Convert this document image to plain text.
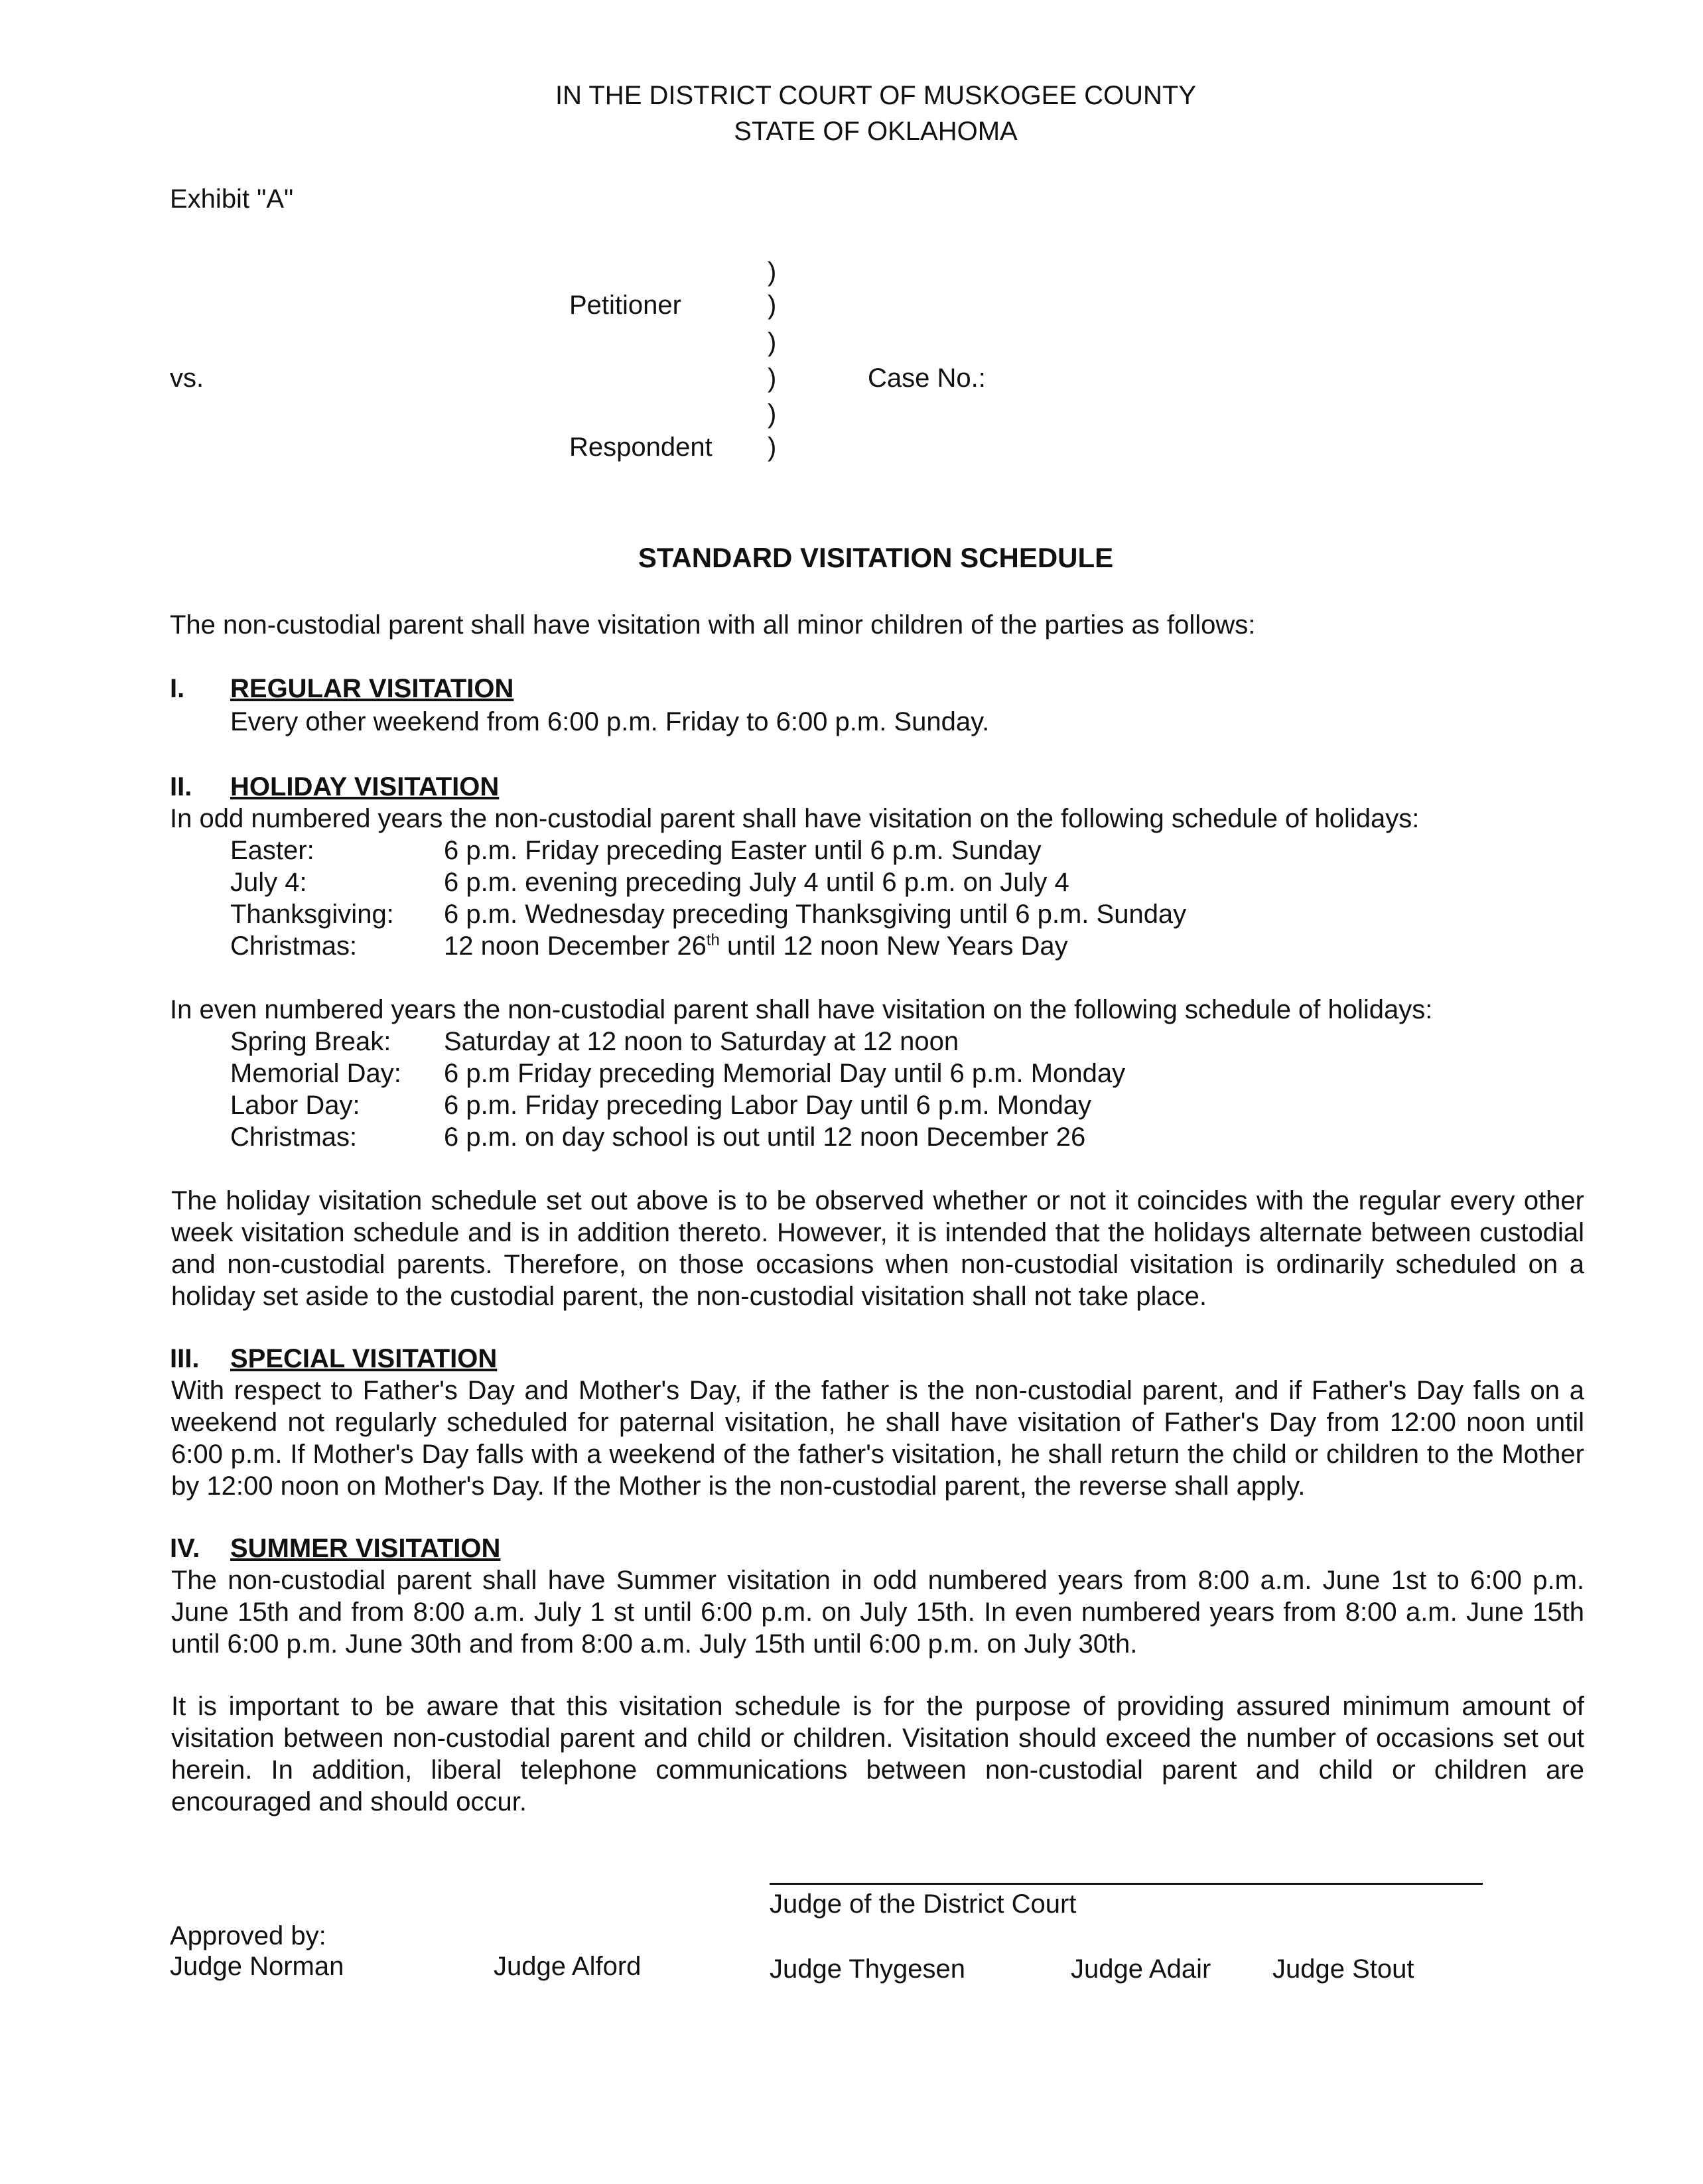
IN THE DISTRICT COURT OF MUSKOGEE COUNTY
STATE OF OKLAHOMA
Exhibit "A"
Petitioner
vs.
Respondent
Case No.:
)
)
)
)
)
)
STANDARD VISITATION SCHEDULE
The non-custodial parent shall have visitation with all minor children of the parties as follows:
I. REGULAR VISITATION
Every other weekend from 6:00 p.m. Friday to 6:00 p.m. Sunday.
II. HOLIDAY VISITATION
In odd numbered years the non-custodial parent shall have visitation on the following schedule of holidays:
Easter:	6 p.m. Friday preceding Easter until 6 p.m. Sunday
July 4:	6 p.m. evening preceding July 4 until 6 p.m. on July 4
Thanksgiving: 6 p.m. Wednesday preceding Thanksgiving until 6 p.m. Sunday
Christmas:	12 noon December 26th until 12 noon New Years Day
In even numbered years the non-custodial parent shall have visitation on the following schedule of holidays:
Spring Break: Saturday at 12 noon to Saturday at 12 noon
Memorial Day: 6 p.m Friday preceding Memorial Day until 6 p.m. Monday
Labor Day:	6 p.m. Friday preceding Labor Day until 6 p.m. Monday
Christmas:	6 p.m. on day school is out until 12 noon December 26
The holiday visitation schedule set out above is to be observed whether or not it coincides with the regular every other week visitation schedule and is in addition thereto. However, it is intended that the holidays alternate between custodial and non-custodial parents. Therefore, on those occasions when non-custodial visitation is ordinarily scheduled on a holiday set aside to the custodial parent, the non-custodial visitation shall not take place.
III. SPECIAL VISITATION
With respect to Father's Day and Mother's Day, if the father is the non-custodial parent, and if Father's Day falls on a weekend not regularly scheduled for paternal visitation, he shall have visitation of Father's Day from 12:00 noon until 6:00 p.m. If Mother's Day falls with a weekend of the father's visitation, he shall return the child or children to the Mother by 12:00 noon on Mother's Day. If the Mother is the non-custodial parent, the reverse shall apply.
IV. SUMMER VISITATION
The non-custodial parent shall have Summer visitation in odd numbered years from 8:00 a.m. June 1st to 6:00 p.m. June 15th and from 8:00 a.m. July 1 st until 6:00 p.m. on July 15th. In even numbered years from 8:00 a.m. June 15th until 6:00 p.m. June 30th and from 8:00 a.m. July 15th until 6:00 p.m. on July 30th.
It is important to be aware that this visitation schedule is for the purpose of providing assured minimum amount of visitation between non-custodial parent and child or children. Visitation should exceed the number of occasions set out herein. In addition, liberal telephone communications between non-custodial parent and child or children are encouraged and should occur.
Judge of the District Court
Approved by:
Judge Norman	Judge Alford	Judge Thygesen	Judge Adair Judge Stout
